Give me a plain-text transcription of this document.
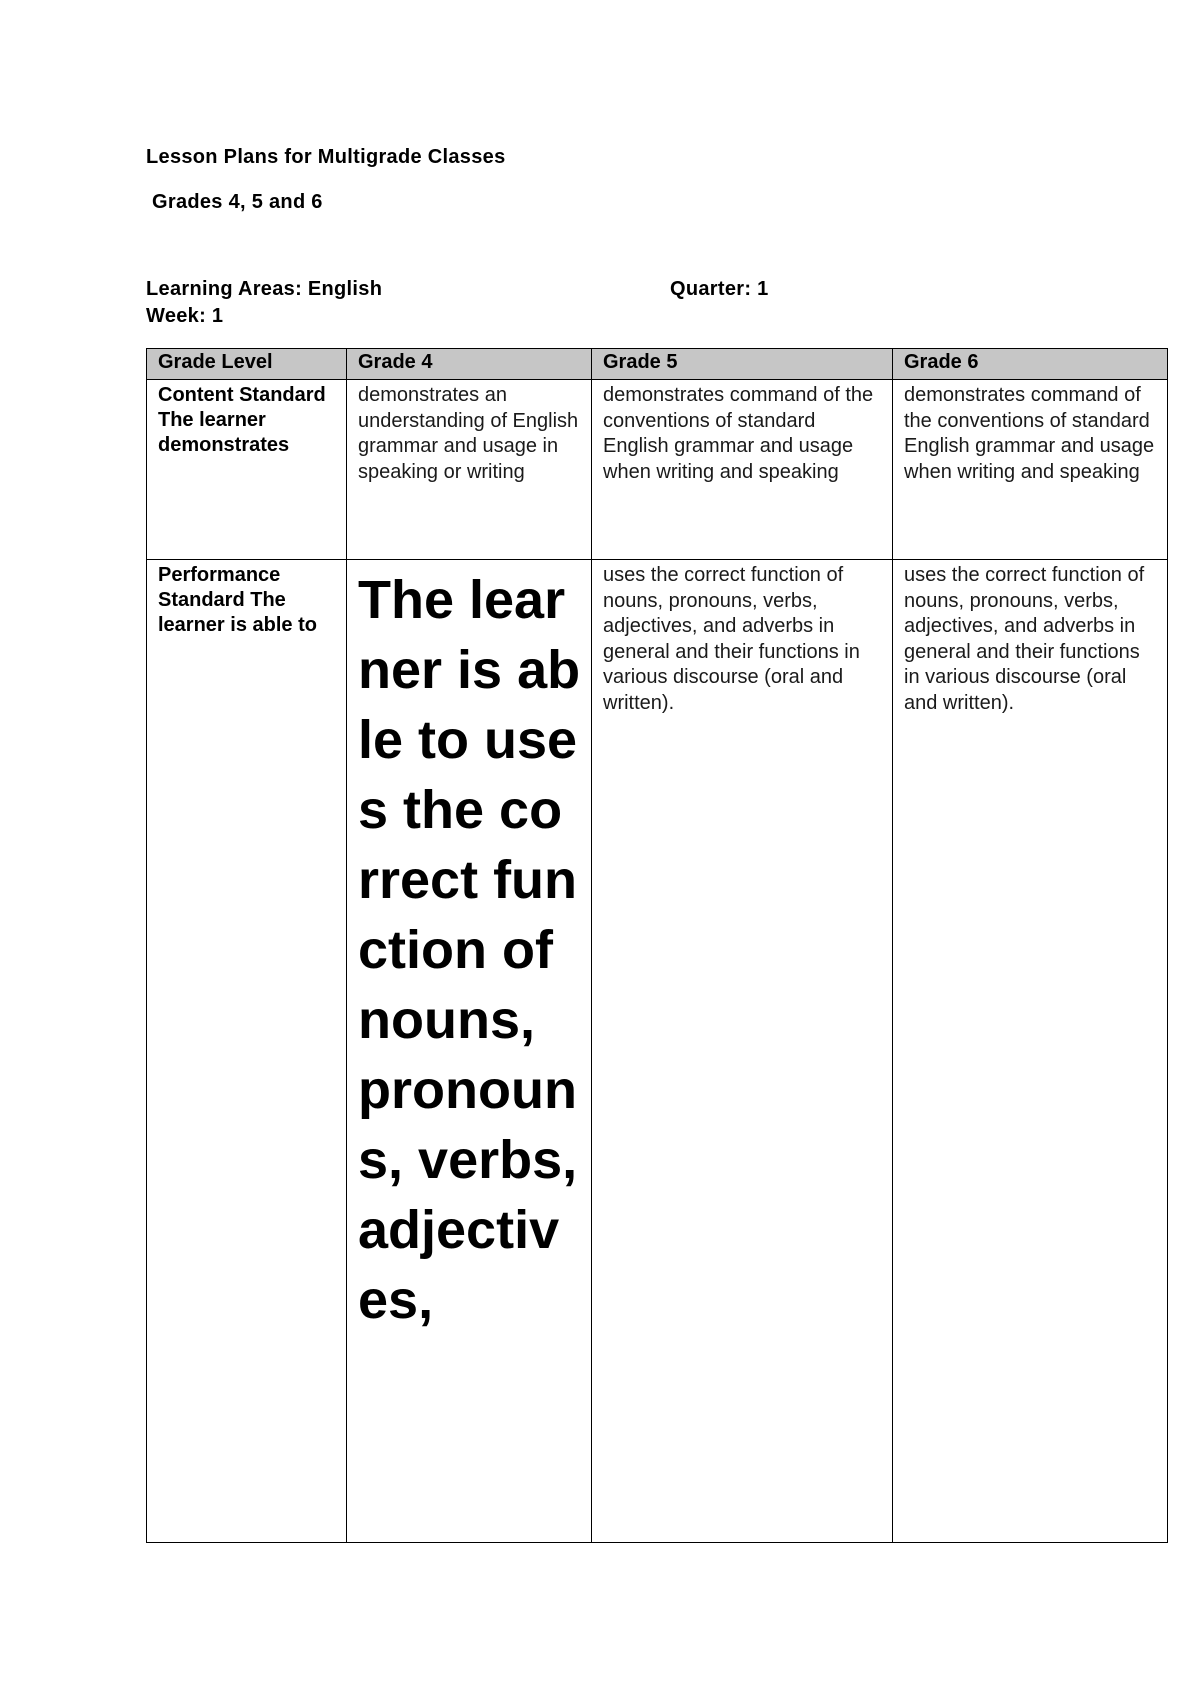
Lesson Plans for Multigrade Classes
Grades 4, 5 and 6
Learning Areas: English	Quarter: 1
Week: 1
Grade Level	Grade 4	Grade 5	Grade 6

Content Standard
The learner demonstrates	demonstrates an understanding of English grammar and usage in speaking or writing	demonstrates command of the conventions of standard English grammar and usage when writing and speaking	demonstrates command of the conventions of standard English grammar and usage when writing and speaking

Performance Standard The learner is able to	The learner is able to uses the correct function of nouns, pronouns, verbs, adjectives,	uses the correct function of nouns, pronouns, verbs, adjectives, and adverbs in general and their functions in various discourse (oral and written).	uses the correct function of nouns, pronouns, verbs, adjectives, and adverbs in general and their functions in various discourse (oral and written).
